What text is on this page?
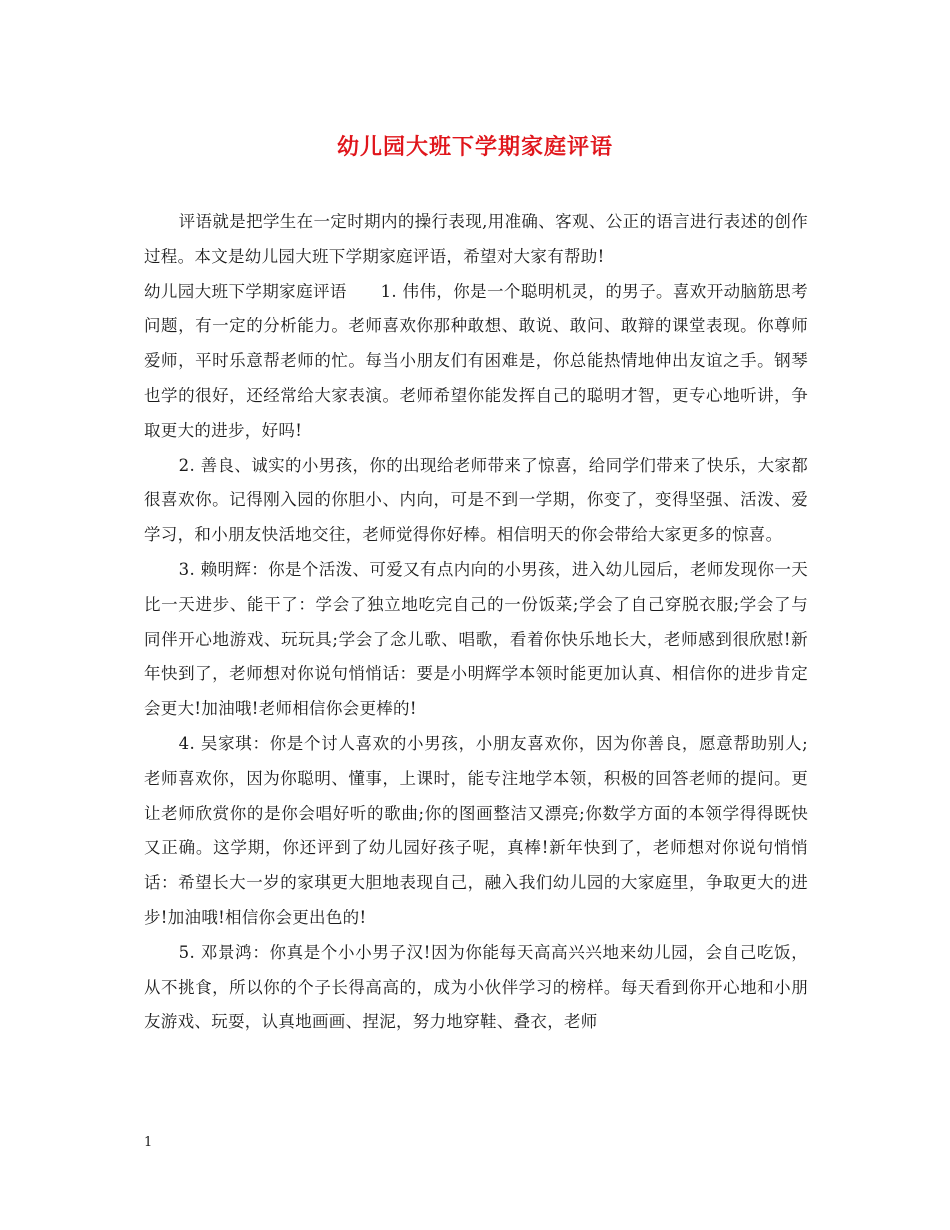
幼儿园大班下学期家庭评语

评语就是把学生在一定时期内的操行表现,用准确、客观、公正的语言进行表述的创作过程。本文是幼儿园大班下学期家庭评语，希望对大家有帮助!

幼儿园大班下学期家庭评语　　1. 伟伟，你是一个聪明机灵，的男子。喜欢开动脑筋思考问题，有一定的分析能力。老师喜欢你那种敢想、敢说、敢问、敢辩的课堂表现。你尊师爱师，平时乐意帮老师的忙。每当小朋友们有困难是，你总能热情地伸出友谊之手。钢琴也学的很好，还经常给大家表演。老师希望你能发挥自己的聪明才智，更专心地听讲，争取更大的进步，好吗!

2. 善良、诚实的小男孩，你的出现给老师带来了惊喜，给同学们带来了快乐，大家都很喜欢你。记得刚入园的你胆小、内向，可是不到一学期，你变了，变得坚强、活泼、爱学习，和小朋友快活地交往，老师觉得你好棒。相信明天的你会带给大家更多的惊喜。

3. 赖明辉：你是个活泼、可爱又有点内向的小男孩，进入幼儿园后，老师发现你一天比一天进步、能干了：学会了独立地吃完自己的一份饭菜;学会了自己穿脱衣服;学会了与同伴开心地游戏、玩玩具;学会了念儿歌、唱歌，看着你快乐地长大，老师感到很欣慰!新年快到了，老师想对你说句悄悄话：要是小明辉学本领时能更加认真、相信你的进步肯定会更大!加油哦!老师相信你会更棒的!

4. 吴家琪：你是个讨人喜欢的小男孩，小朋友喜欢你，因为你善良，愿意帮助别人;老师喜欢你，因为你聪明、懂事，上课时，能专注地学本领，积极的回答老师的提问。更让老师欣赏你的是你会唱好听的歌曲;你的图画整洁又漂亮;你数学方面的本领学得得既快又正确。这学期，你还评到了幼儿园好孩子呢，真棒!新年快到了，老师想对你说句悄悄话：希望长大一岁的家琪更大胆地表现自己，融入我们幼儿园的大家庭里，争取更大的进步!加油哦!相信你会更出色的!

5. 邓景鸿：你真是个小小男子汉!因为你能每天高高兴兴地来幼儿园，会自己吃饭，从不挑食，所以你的个子长得高高的，成为小伙伴学习的榜样。每天看到你开心地和小朋友游戏、玩耍，认真地画画、捏泥，努力地穿鞋、叠衣，老师

1
